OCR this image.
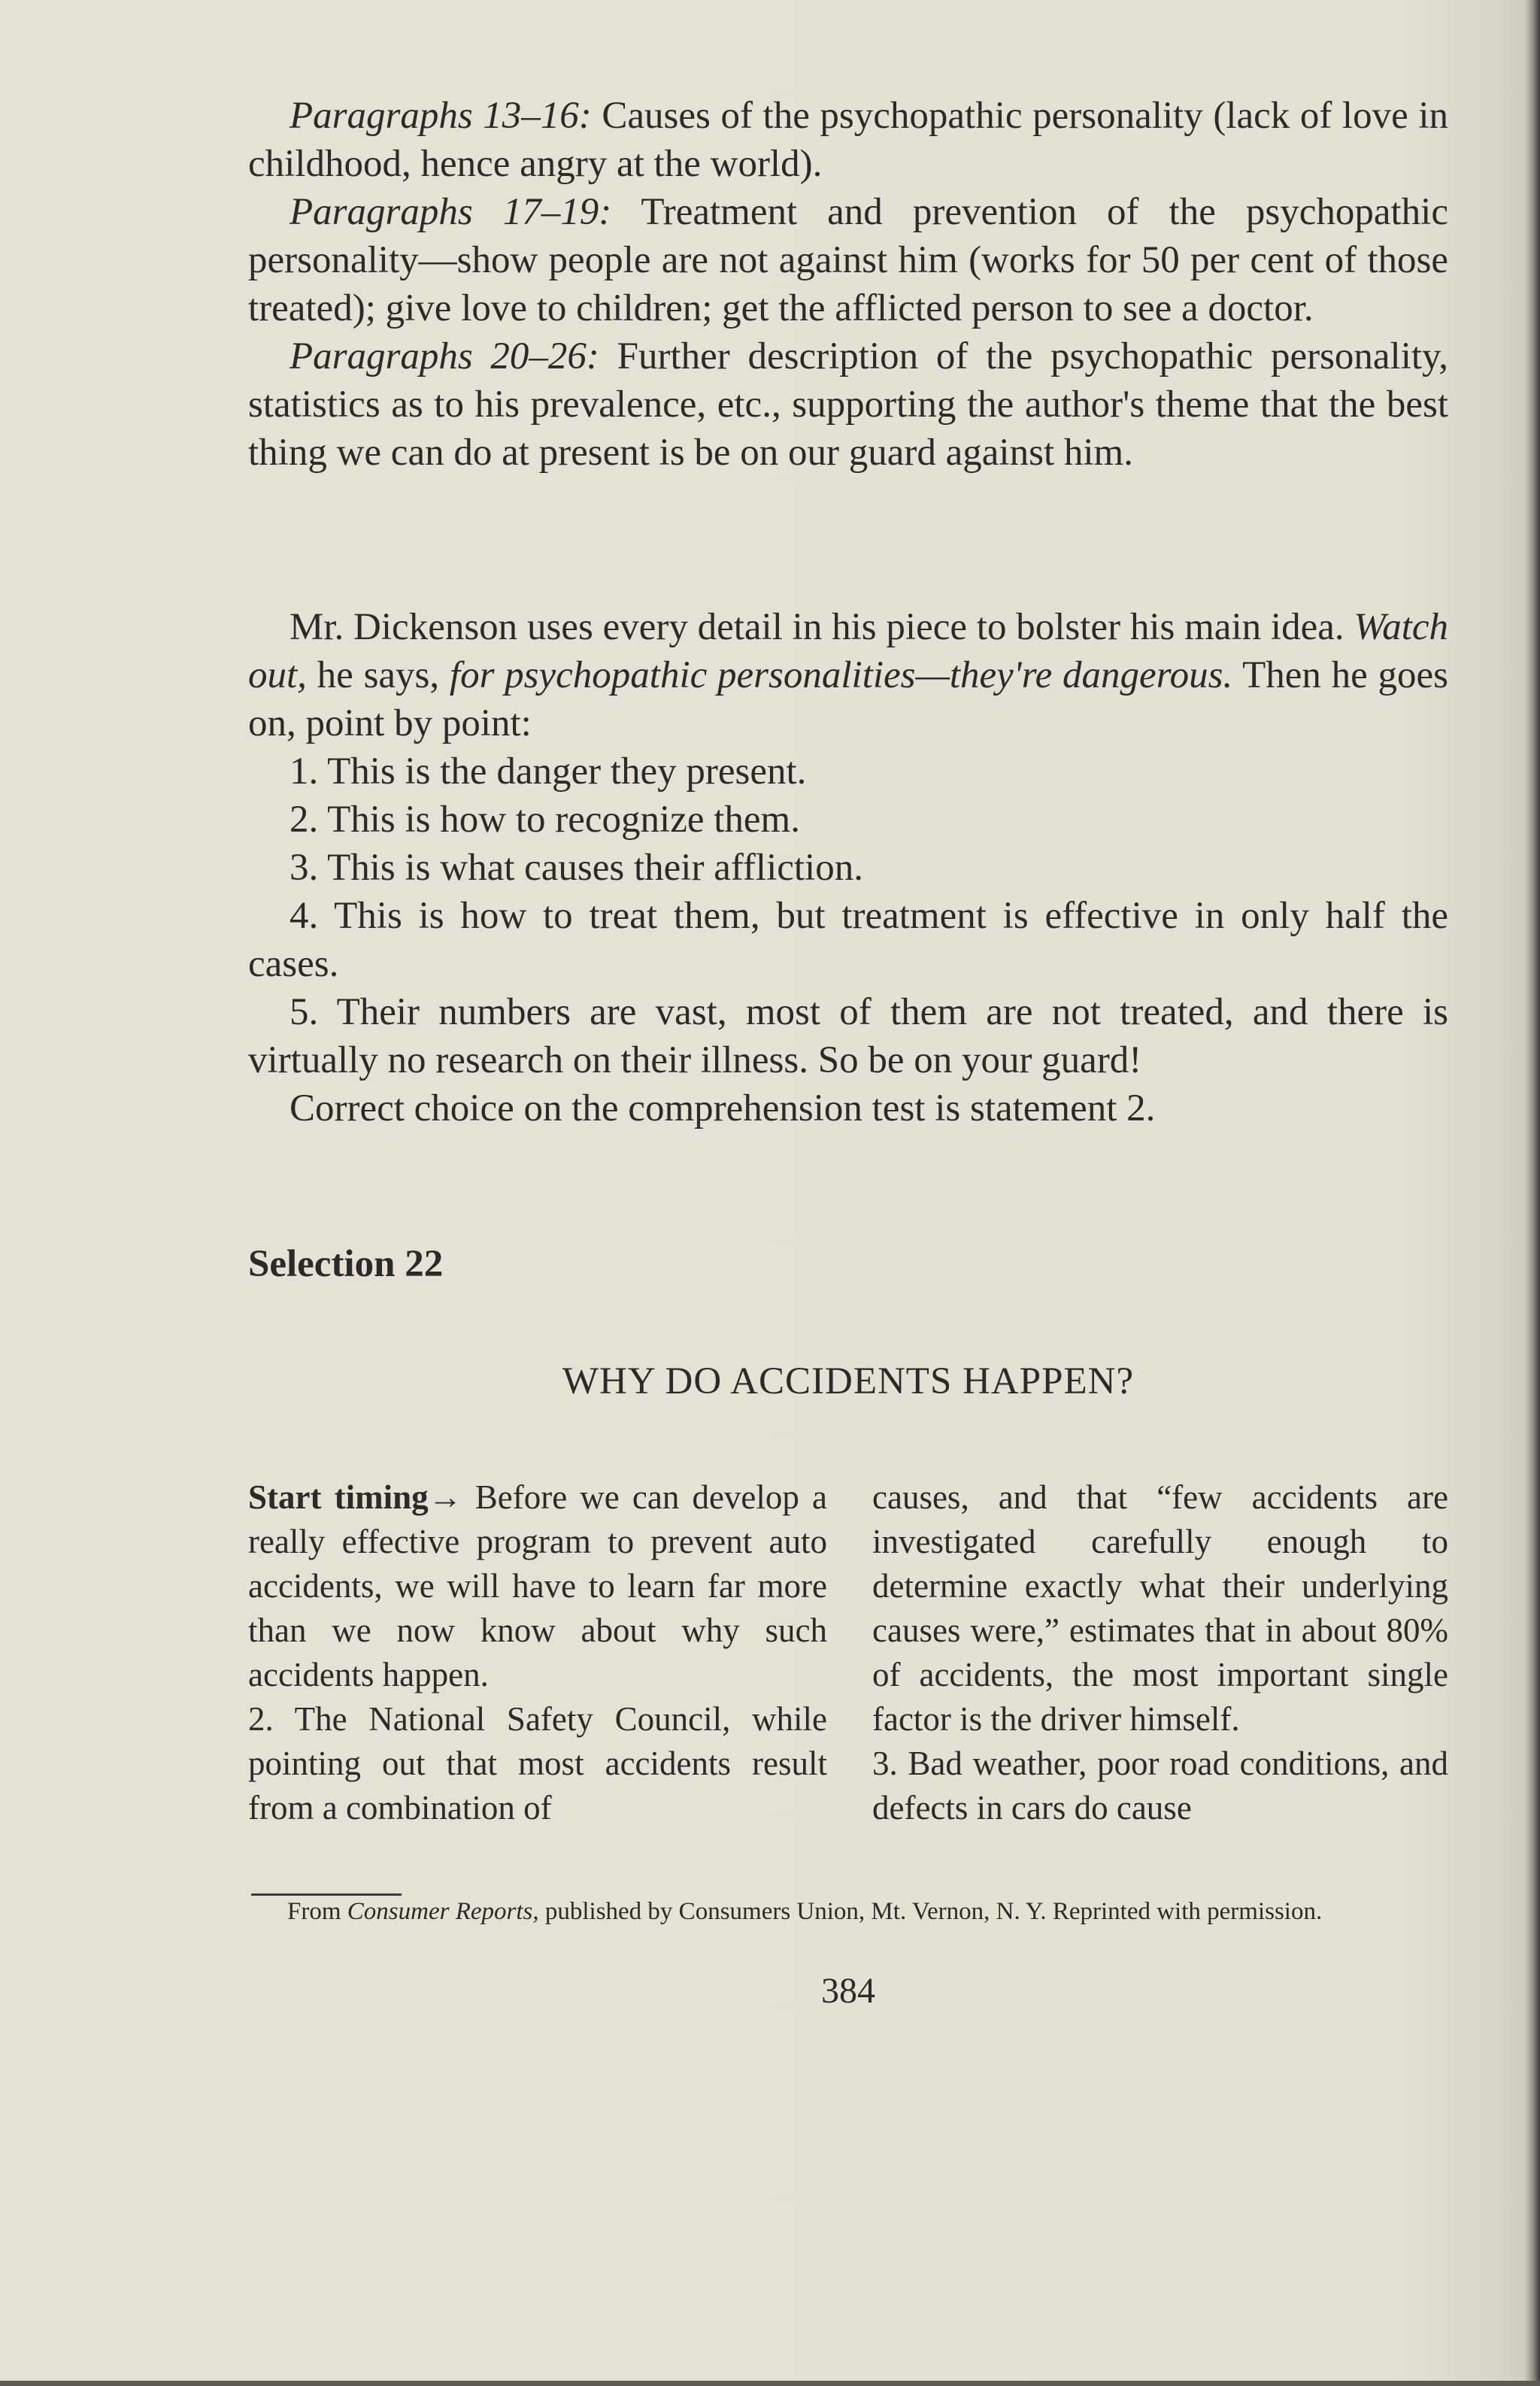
Paragraphs 13–16: Causes of the psychopathic personality (lack of love in childhood, hence angry at the world).

Paragraphs 17–19: Treatment and prevention of the psychopathic personality—show people are not against him (works for 50 per cent of those treated); give love to children; get the afflicted person to see a doctor.

Paragraphs 20–26: Further description of the psychopathic personality, statistics as to his prevalence, etc., supporting the author's theme that the best thing we can do at present is be on our guard against him.

Mr. Dickenson uses every detail in his piece to bolster his main idea. Watch out, he says, for psychopathic personalities—they're dangerous. Then he goes on, point by point:

1. This is the danger they present.

2. This is how to recognize them.

3. This is what causes their affliction.

4. This is how to treat them, but treatment is effective in only half the cases.

5. Their numbers are vast, most of them are not treated, and there is virtually no research on their illness. So be on your guard!

Correct choice on the comprehension test is statement 2.

Selection 22

WHY DO ACCIDENTS HAPPEN?

Start timing→ Before we can develop a really effective program to prevent auto accidents, we will have to learn far more than we now know about why such accidents happen.

2. The National Safety Council, while pointing out that most accidents result from a combination of

causes, and that “few accidents are investigated carefully enough to determine exactly what their underlying causes were,” estimates that in about 80% of accidents, the most important single factor is the driver himself.

3. Bad weather, poor road conditions, and defects in cars do cause

From Consumer Reports, published by Consumers Union, Mt. Vernon, N. Y. Reprinted with permission.

384
